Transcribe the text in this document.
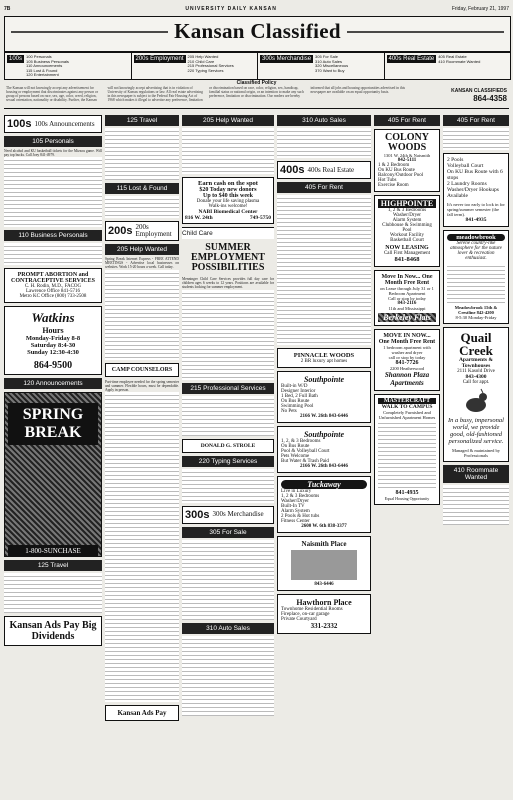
7B	UNIVERSITY DAILY KANSAN	Friday, February 21, 1997
Kansan Classified
100s	100 Personals
105 Business Personals
110 Announcements
115 Lost & Found
120 Entertainment
200s Employment	205 Help Wanted
210 Child Care
215 Professional Services
220 Typing Services
300s Merchandise	305 For Sale
310 Auto Sales
320 Miscellaneous
370 Want to Buy
400s Real Estate	405 Real Estate
410 Roommate Wanted
Classified Policy
The Kansan will not knowingly accept any advertisement for housing or employment that discriminates against any person or group of persons based on race, sex, age, color, creed, religion, sexual orientation, nationality or disability. Further, the Kansan will not knowingly accept advertising that is in violation of University of Kansas regulations or law. All real estate advertising in this newspaper is subject to the Federal Fair Housing Act of 1968 which makes it illegal to advertise any preference, limitation or discrimination based on race, color, religion, sex, handicap, familial status or national origin, or an intention to make any such preference, limitation or discrimination. Our readers are hereby informed that all jobs and housing opportunities advertised in this newspaper are available on an equal opportunity basis.	KANSAN CLASSIFIEDS
864-4358
100s 100s Announcements
105 Personals
Need alcohol and KU basketball tickets for the Mizzou game. Will pay top bucks. Call Joey 841-4979.
110 Business Personals
PROMPT ABORTION and CONTRACEPTIVE SERVICES
C. H. Rodin, M.D., FACOG
Lawrence Office 841-5716
Metro KC Office (800) 733-2508
Watkins
Hours
Monday-Friday 8-8
Saturday 8:4-30
Sunday 12:30-4:30
864-9500
120 Announcements
SPRING BREAK
1-800-SUNCHASE
125 Travel
Kansan Ads Pay Big Dividends
125 Travel
115 Lost & Found
200s 200s Employment
205 Help Wanted
Spring Break Internet Express - FREE ATTEND MEETINGS - Advertise local businesses on websites. Work 15-20 hours a week. Call today.
CAMP COUNSELORS
Part-time employee needed for the spring semester and summer. Flexible hours, must be dependable. Apply in person.
Kansan Ads Pay
205 Help Wanted
Earn cash on the spot
$20 Today new donors
Up to $40 this week
Donate your life saving plasma
Walk-ins welcome!
NABI Biomedical Center
816 W. 24th	749-5750
Child Care
SUMMER EMPLOYMENT POSSIBILITIES
Menninger Child Care Services provides full day care for children ages 6 weeks to 12 years. Positions are available for students looking for summer employment.
215 Professional Services
DONALD G. STROLE
220 Typing Services
300s 300s Merchandise
305 For Sale
310 Auto Sales
310 Auto Sales
400s 400s Real Estate
405 For Rent
PINNACLE WOODS
2 BR luxury apt homes
Southpointe
Built-in W/D
Designer Interior
1 Bed, 2 Full Bath
On Bus Route
Swimming Pool
No Pets
2166 W. 26th 843-6446
Southpointe
1, 2, & 3 Bedrooms
On Bus Route
Pool & Volleyball Court
Pets Welcome
But Water & Trash Paid
2166 W. 26th 843-6446
Tuckaway
Live in Luxury
1, 2 & 3 Bedrooms
Washer/Dryer
Built-In TV
Alarm System
2 Pools & Hot tubs
Fitness Center
2600 W. 6th 838-3377
Naismith Place
843-6446
Hawthorn Place
Townhome Residential Rooms
Fireplace, on-car garage
Private Courtyard
331-2332
405 For Rent
COLONY WOODS
1301 W. 24th & Naismith
842-5111
1 & 2 Bedroom
On KU Bus Route
Balcony/Outdoor Pool
Hot Tubs
Exercise Room
HIGHPOINTE
1, 2 & 3 Bedrooms
Washer/Dryer
Alarm System
Clubhouse & Swimming Pool
Workout Facility
Basketball Court
NOW LEASING
Call First Management
841-8468
Move In Now... One Month Free Rent
on Lease through July 31 or 1 Bedroom Apartment
Call or stop by today
843-2116
11th and Mississippi
Berkeley Flats
MOVE IN NOW... One Month Free Rent
1 bedroom apartment with washer and dryer
call or stop by today
841-7726
2200 Heatherwood
Shannon Plaza Apartments
MASTERCRAFT
WALK TO CAMPUS
Completely Furnished and Unfurnished Apartment Homes
841-4935
Equal Housing Opportunity
405 For Rent
2 Pools
Volleyball Court
On KU Bus Route with 6 stops
2 Laundry Rooms
Washer/Dryer Hookups Available
It's never too early to lock in for spring/summer semester (the fall term).
841-4935
meadowbrook
Serene country-like atmosphere for the nature lover & recreation enthusiast.
Meadowbrook 15th & Crestline 842-4200
8-5:30 Monday-Friday
Quail Creek
Apartments & Townhouses
2111 Kasold Drive
843-4300
Call for appt.
In a busy, impersonal world, we provide good, old-fashioned personalized service.
Managed & maintained by Professionals
410 Roommate Wanted
